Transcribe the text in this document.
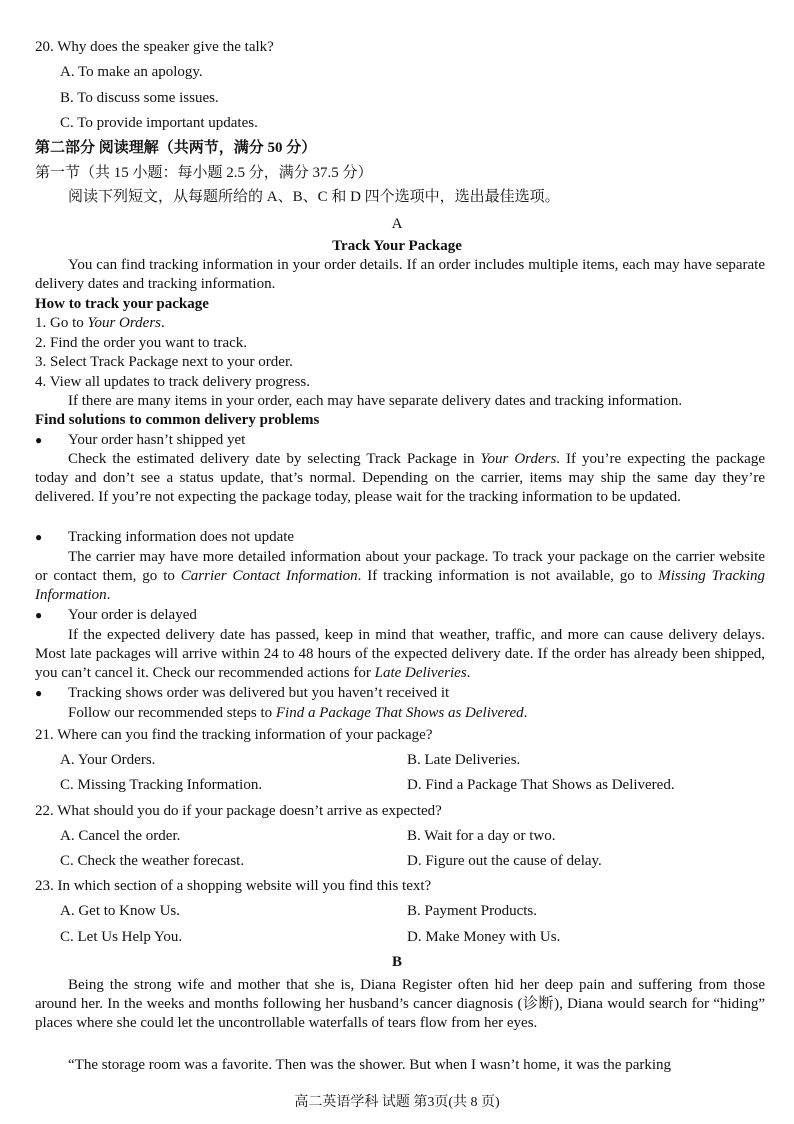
20. Why does the speaker give the talk?
A. To make an apology.
B. To discuss some issues.
C. To provide important updates.
第二部分 阅读理解（共两节，满分 50 分）
第一节（共 15 小题：每小题 2.5 分，满分 37.5 分）
阅读下列短文，从每题所给的 A、B、C 和 D 四个选项中，选出最佳选项。
A
Track Your Package
You can find tracking information in your order details. If an order includes multiple items, each may have separate delivery dates and tracking information.
How to track your package
1. Go to Your Orders.
2. Find the order you want to track.
3. Select Track Package next to your order.
4. View all updates to track delivery progress.
If there are many items in your order, each may have separate delivery dates and tracking information.
Find solutions to common delivery problems
● Your order hasn’t shipped yet
Check the estimated delivery date by selecting Track Package in Your Orders. If you’re expecting the package today and don’t see a status update, that’s normal. Depending on the carrier, items may ship the same day they’re delivered. If you’re not expecting the package today, please wait for the tracking information to be updated.
● Tracking information does not update
The carrier may have more detailed information about your package. To track your package on the carrier website or contact them, go to Carrier Contact Information. If tracking information is not available, go to Missing Tracking Information.
● Your order is delayed
If the expected delivery date has passed, keep in mind that weather, traffic, and more can cause delivery delays. Most late packages will arrive within 24 to 48 hours of the expected delivery date. If the order has already been shipped, you can’t cancel it. Check our recommended actions for Late Deliveries.
● Tracking shows order was delivered but you haven’t received it
Follow our recommended steps to Find a Package That Shows as Delivered.
21. Where can you find the tracking information of your package?
A. Your Orders.	B. Late Deliveries.
C. Missing Tracking Information.	D. Find a Package That Shows as Delivered.
22. What should you do if your package doesn’t arrive as expected?
A. Cancel the order.	B. Wait for a day or two.
C. Check the weather forecast.	D. Figure out the cause of delay.
23. In which section of a shopping website will you find this text?
A. Get to Know Us.	B. Payment Products.
C. Let Us Help You.	D. Make Money with Us.
B
Being the strong wife and mother that she is, Diana Register often hid her deep pain and suffering from those around her. In the weeks and months following her husband’s cancer diagnosis (诊断), Diana would search for “hiding” places where she could let the uncontrollable waterfalls of tears flow from her eyes.
“The storage room was a favorite. Then was the shower. But when I wasn’t home, it was the parking
高二英语学科 试题 第3页(共 8 页)
